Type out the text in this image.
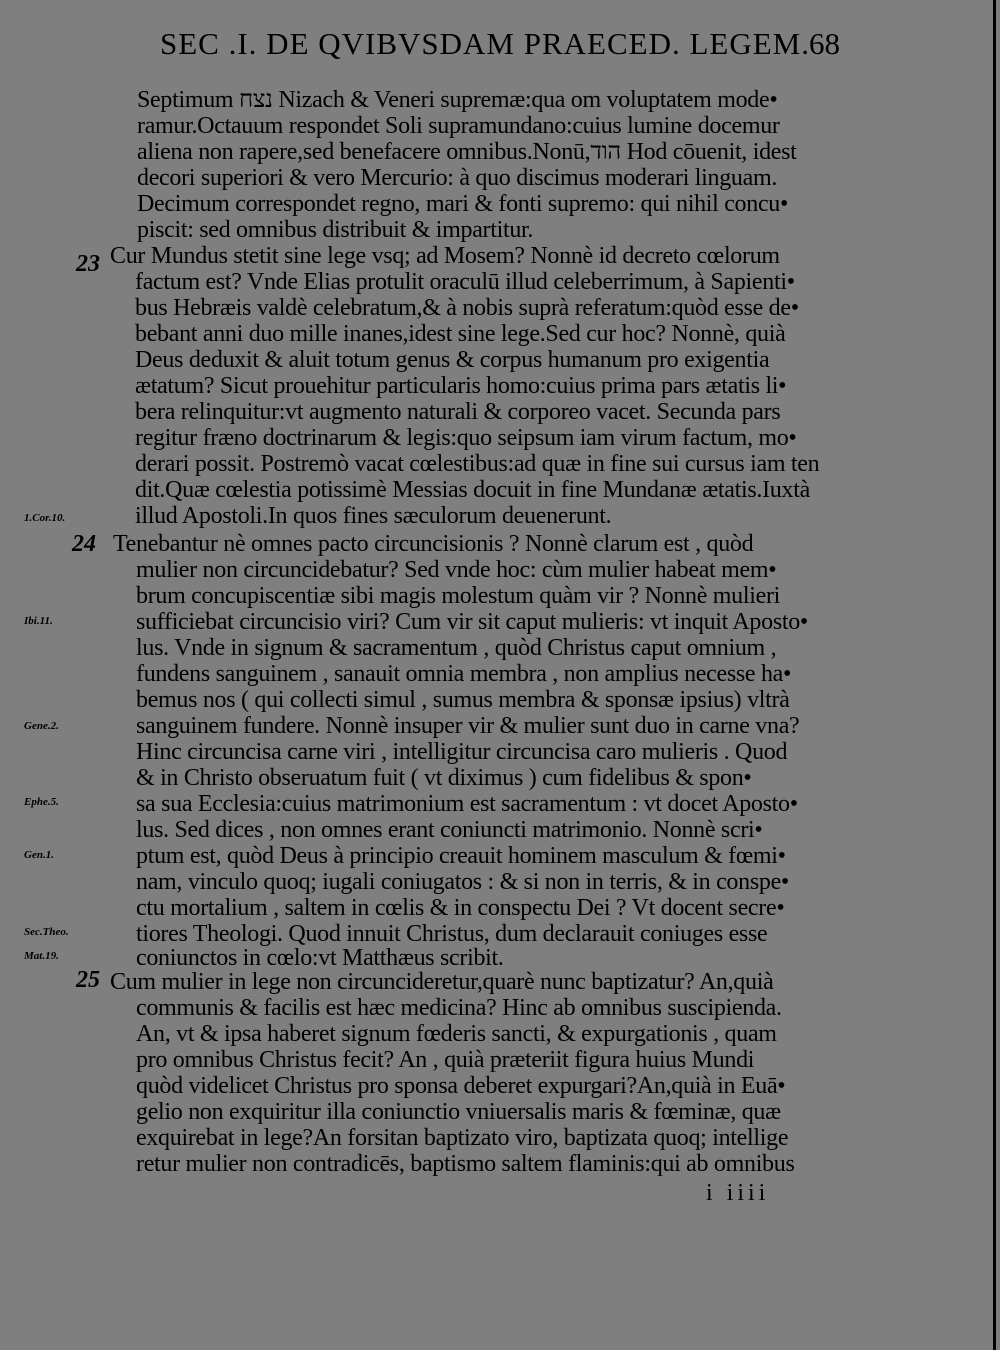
SEC .I. DE QVIBVSDAM PRAECED. LEGEM. 68
23
24
25
1.Cor.10.
Ibi.11.
Gene.2.
Ephe.5.
Gen.1.
Sec.Theo.
Mat.19.
Septimum נצח Nizach & Veneri supremæ:qua om voluptatem mode•
ramur.Octauum respondet Soli supramundano:cuius lumine docemur
aliena non rapere,sed benefacere omnibus.Nonū,הוד Hod cōuenit, idest
decori superiori & vero Mercurio: à quo discimus moderari linguam.
Decimum correspondet regno, mari & fonti supremo: qui nihil concu•
piscit: sed omnibus distribuit & impartitur.
Cur Mundus stetit sine lege vsq; ad Mosem? Nonnè id decreto cœlorum
factum est? Vnde Elias protulit oraculū illud celeberrimum, à Sapienti•
bus Hebræis valdè celebratum,& à nobis suprà referatum:quòd esse de•
bebant anni duo mille inanes,idest sine lege.Sed cur hoc? Nonnè, quià
Deus deduxit & aluit totum genus & corpus humanum pro exigentia
ætatum? Sicut prouehitur particularis homo:cuius prima pars ætatis li•
bera relinquitur:vt augmento naturali & corporeo vacet. Secunda pars
regitur fræno doctrinarum & legis:quo seipsum iam virum factum, mo•
derari possit. Postremò vacat cœlestibus:ad quæ in fine sui cursus iam ten
dit.Quæ cœlestia potissimè Messias docuit in fine Mundanæ ætatis.Iuxtà
illud Apostoli.In quos fines sæculorum deuenerunt.
Tenebantur nè omnes pacto circuncisionis ? Nonnè clarum est , quòd
mulier non circuncidebatur? Sed vnde hoc: cùm mulier habeat mem•
brum concupiscentiæ sibi magis molestum quàm vir ? Nonnè mulieri
sufficiebat circuncisio viri? Cum vir sit caput mulieris: vt inquit Aposto•
lus. Vnde in signum & sacramentum , quòd Christus caput omnium ,
fundens sanguinem , sanauit omnia membra , non amplius necesse ha•
bemus nos ( qui collecti simul , sumus membra & sponsæ ipsius) vltrà
sanguinem fundere. Nonnè insuper vir & mulier sunt duo in carne vna?
Hinc circuncisa carne viri , intelligitur circuncisa caro mulieris . Quod
& in Christo obseruatum fuit ( vt diximus ) cum fidelibus & spon•
sa sua Ecclesia:cuius matrimonium est sacramentum : vt docet Aposto•
lus. Sed dices , non omnes erant coniuncti matrimonio. Nonnè scri•
ptum est, quòd Deus à principio creauit hominem masculum & fœmi•
nam, vinculo quoq; iugali coniugatos : & si non in terris, & in conspe•
ctu mortalium , saltem in cœlis & in conspectu Dei ? Vt docent secre•
tiores Theologi. Quod innuit Christus, dum declarauit coniuges esse
coniunctos in cœlo:vt Matthæus scribit.
Cum mulier in lege non circuncideretur,quarè nunc baptizatur? An,quià
communis & facilis est hæc medicina? Hinc ab omnibus suscipienda.
An, vt & ipsa haberet signum fœderis sancti, & expurgationis , quam
pro omnibus Christus fecit? An , quià præteriit figura huius Mundi
quòd videlicet Christus pro sponsa deberet expurgari?An,quià in Euā•
gelio non exquiritur illa coniunctio vniuersalis maris & fœminæ, quæ
exquirebat in lege?An forsitan baptizato viro, baptizata quoq; intellige
retur mulier non contradicēs, baptismo saltem flaminis:qui ab omnibus
i iiii
